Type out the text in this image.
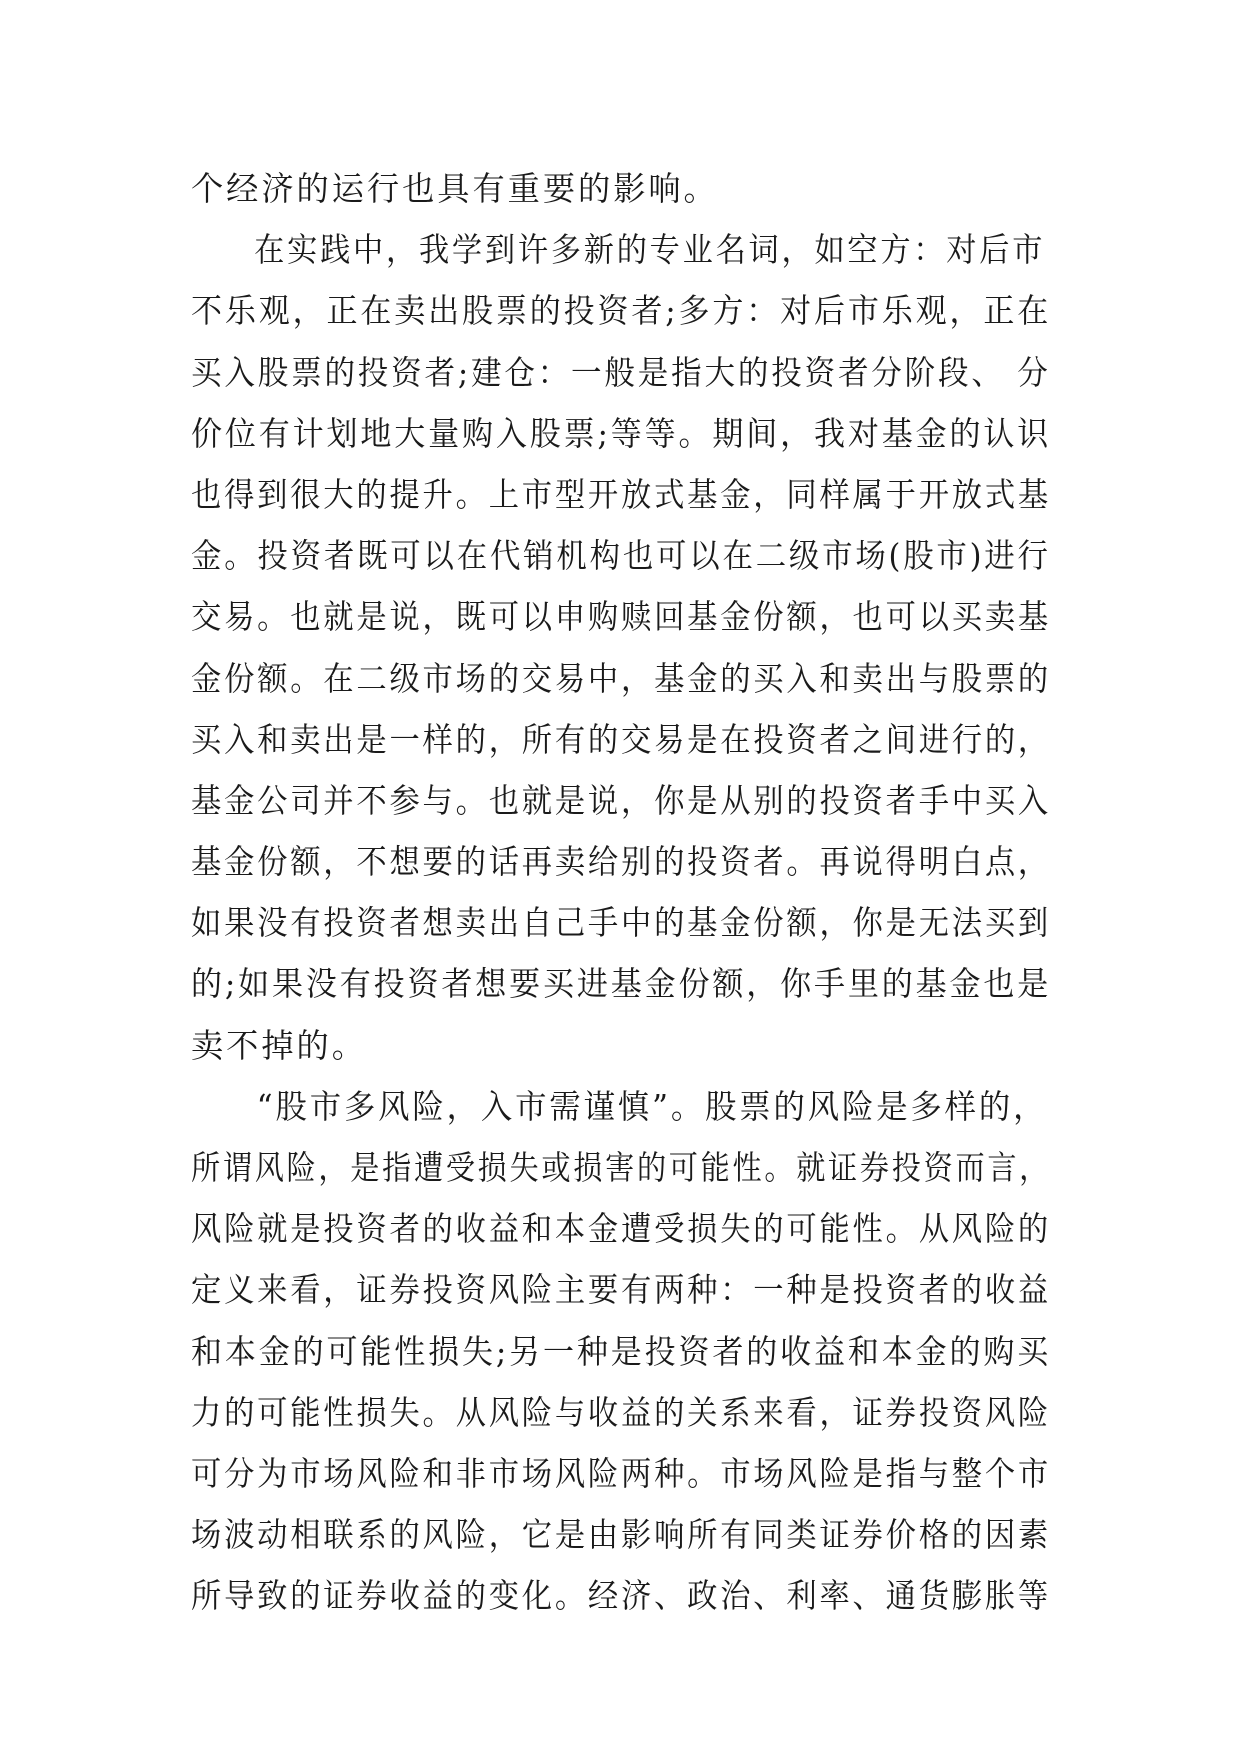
个经济的运行也具有重要的影响。
在实践中，我学到许多新的专业名词，如空方：对后市
不乐观，正在卖出股票的投资者;多方：对后市乐观，正在
买入股票的投资者;建仓：一般是指大的投资者分阶段、 分
价位有计划地大量购入股票;等等。期间，我对基金的认识
也得到很大的提升。上市型开放式基金，同样属于开放式基
金。投资者既可以在代销机构也可以在二级市场(股市)进行
交易。也就是说，既可以申购赎回基金份额，也可以买卖基
金份额。在二级市场的交易中，基金的买入和卖出与股票的
买入和卖出是一样的，所有的交易是在投资者之间进行的，
基金公司并不参与。也就是说，你是从别的投资者手中买入
基金份额，不想要的话再卖给别的投资者。再说得明白点，
如果没有投资者想卖出自己手中的基金份额，你是无法买到
的;如果没有投资者想要买进基金份额，你手里的基金也是
卖不掉的。
“股市多风险，入市需谨慎”。股票的风险是多样的，
所谓风险，是指遭受损失或损害的可能性。就证券投资而言，
风险就是投资者的收益和本金遭受损失的可能性。从风险的
定义来看，证券投资风险主要有两种：一种是投资者的收益
和本金的可能性损失;另一种是投资者的收益和本金的购买
力的可能性损失。从风险与收益的关系来看，证券投资风险
可分为市场风险和非市场风险两种。市场风险是指与整个市
场波动相联系的风险，它是由影响所有同类证券价格的因素
所导致的证券收益的变化。经济、政治、利率、通货膨胀等
